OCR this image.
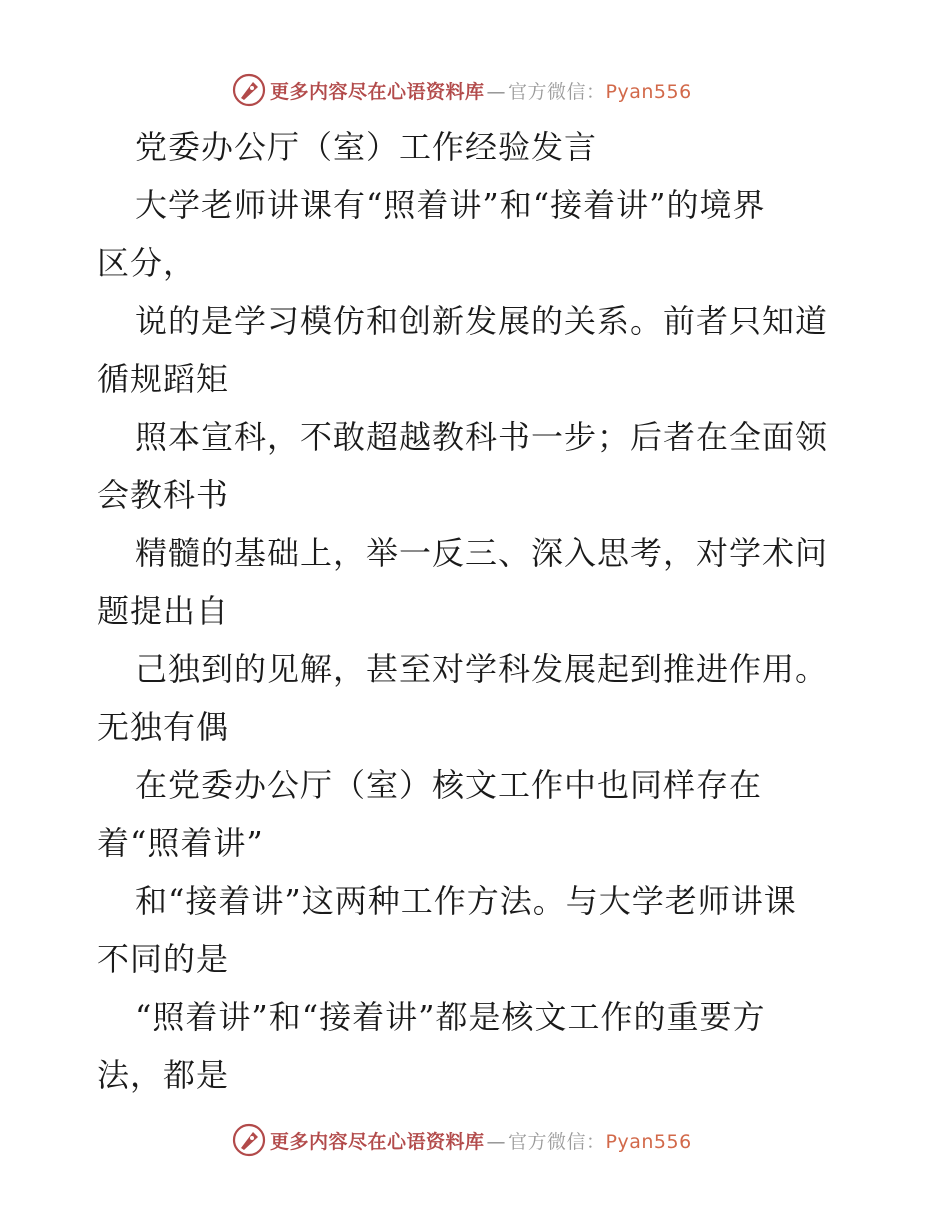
更多内容尽在心语资料库 — 官方微信：Pyan556
党委办公厅（室）工作经验发言
大学老师讲课有“照着讲”和“接着讲”的境界
区分，
说的是学习模仿和创新发展的关系。前者只知道
循规蹈矩
照本宣科，不敢超越教科书一步；后者在全面领
会教科书
精髓的基础上，举一反三、深入思考，对学术问
题提出自
己独到的见解，甚至对学科发展起到推进作用。
无独有偶
在党委办公厅（室）核文工作中也同样存在
着“照着讲”
和“接着讲”这两种工作方法。与大学老师讲课
不同的是
“照着讲”和“接着讲”都是核文工作的重要方
法，都是
更多内容尽在心语资料库 — 官方微信：Pyan556
